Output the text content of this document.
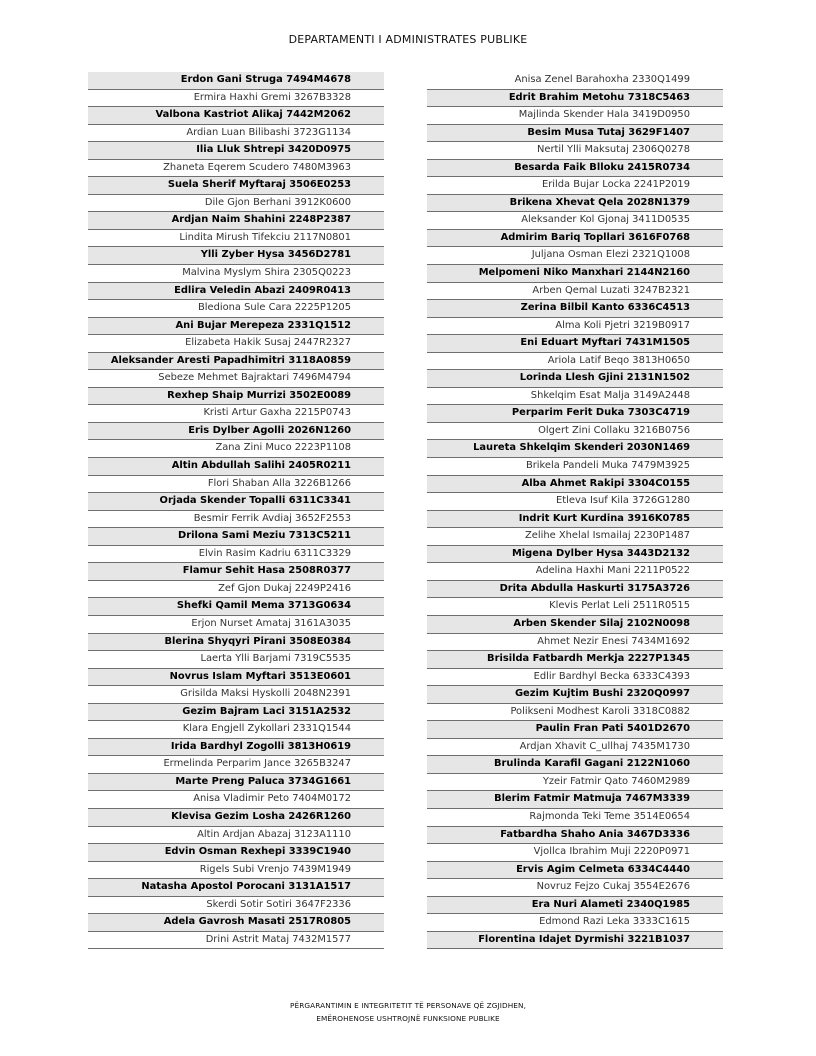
DEPARTAMENTI I ADMINISTRATES PUBLIKE
Erdon Gani Struga 7494M4678
Ermira Haxhi Gremi 3267B3328
Valbona Kastriot Alikaj 7442M2062
Ardian Luan Bilibashi 3723G1134
Ilia Lluk Shtrepi 3420D0975
Zhaneta Eqerem Scudero 7480M3963
Suela Sherif Myftaraj 3506E0253
Dile Gjon Berhani 3912K0600
Ardjan Naim Shahini 2248P2387
Lindita Mirush Tifekciu 2117N0801
Ylli Zyber Hysa 3456D2781
Malvina Myslym Shira 2305Q0223
Edlira Veledin Abazi 2409R0413
Blediona Sule Cara 2225P1205
Ani Bujar Merepeza 2331Q1512
Elizabeta Hakik Susaj 2447R2327
Aleksander Aresti Papadhimitri 3118A0859
Sebeze Mehmet Bajraktari 7496M4794
Rexhep Shaip Murrizi 3502E0089
Kristi Artur Gaxha 2215P0743
Eris Dylber Agolli 2026N1260
Zana Zini Muco 2223P1108
Altin Abdullah Salihi 2405R0211
Flori Shaban Alla 3226B1266
Orjada Skender Topalli 6311C3341
Besmir Ferrik Avdiaj 3652F2553
Drilona Sami Meziu 7313C5211
Elvin Rasim Kadriu 6311C3329
Flamur Sehit Hasa 2508R0377
Zef Gjon Dukaj 2249P2416
Shefki Qamil Mema 3713G0634
Erjon Nurset Amataj 3161A3035
Blerina Shyqyri Pirani 3508E0384
Laerta Ylli Barjami 7319C5535
Novrus Islam Myftari 3513E0601
Grisilda Maksi Hyskolli 2048N2391
Gezim Bajram Laci 3151A2532
Klara Engjell Zykollari 2331Q1544
Irida Bardhyl Zogolli 3813H0619
Ermelinda Perparim Jance 3265B3247
Marte Preng Paluca 3734G1661
Anisa Vladimir Peto 7404M0172
Klevisa Gezim Losha 2426R1260
Altin Ardjan Abazaj 3123A1110
Edvin Osman Rexhepi 3339C1940
Rigels Subi Vrenjo 7439M1949
Natasha Apostol Porocani 3131A1517
Skerdi Sotir Sotiri 3647F2336
Adela Gavrosh Masati 2517R0805
Drini Astrit Mataj 7432M1577
Anisa Zenel Barahoxha 2330Q1499
Edrit Brahim Metohu 7318C5463
Majlinda Skender Hala 3419D0950
Besim Musa Tutaj 3629F1407
Nertil Ylli Maksutaj 2306Q0278
Besarda Faik Blloku 2415R0734
Erilda Bujar Locka 2241P2019
Brikena Xhevat Qela 2028N1379
Aleksander Kol Gjonaj 3411D0535
Admirim Bariq Topllari 3616F0768
Juljana Osman Elezi 2321Q1008
Melpomeni Niko Manxhari 2144N2160
Arben Qemal Luzati 3247B2321
Zerina Bilbil Kanto 6336C4513
Alma Koli Pjetri 3219B0917
Eni Eduart Myftari 7431M1505
Ariola Latif Beqo 3813H0650
Lorinda Llesh Gjini 2131N1502
Shkelqim Esat Malja 3149A2448
Perparim Ferit Duka 7303C4719
Olgert Zini Collaku 3216B0756
Laureta Shkelqim Skenderi 2030N1469
Brikela Pandeli Muka 7479M3925
Alba Ahmet Rakipi 3304C0155
Etleva Isuf Kila 3726G1280
Indrit Kurt Kurdina 3916K0785
Zelihe Xhelal Ismailaj 2230P1487
Migena Dylber Hysa 3443D2132
Adelina Haxhi Mani 2211P0522
Drita Abdulla Haskurti 3175A3726
Klevis Perlat Leli 2511R0515
Arben Skender Silaj 2102N0098
Ahmet Nezir Enesi 7434M1692
Brisilda Fatbardh Merkja 2227P1345
Edlir Bardhyl Becka 6333C4393
Gezim Kujtim Bushi 2320Q0997
Polikseni Modhest Karoli 3318C0882
Paulin Fran Pati 5401D2670
Ardjan Xhavit C_ullhaj 7435M1730
Brulinda Karafil Gagani 2122N1060
Yzeir Fatmir Qato 7460M2989
Blerim Fatmir Matmuja 7467M3339
Rajmonda Teki Teme 3514E0654
Fatbardha Shaho Ania 3467D3336
Vjollca Ibrahim Muji 2220P0971
Ervis Agim Celmeta 6334C4440
Novruz Fejzo Cukaj 3554E2676
Era Nuri Alameti 2340Q1985
Edmond Razi Leka 3333C1615
Florentina Idajet Dyrmishi 3221B1037
PËRGARANTIMIN E INTEGRITETIT TË PERSONAVE QË ZGJIDHEN,
EMËROHENOSE USHTROJNË FUNKSIONE PUBLIKE
